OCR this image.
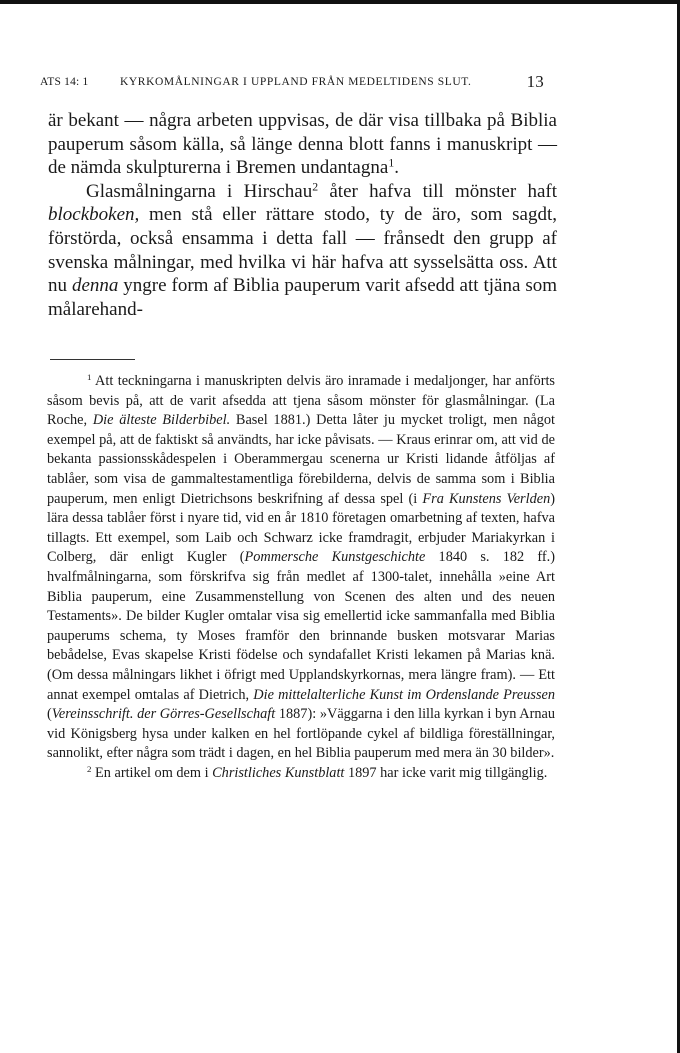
ATS 14: 1	KYRKOMÅLNINGAR I UPPLAND FRÅN MEDELTIDENS SLUT.	13

är bekant — några arbeten uppvisas, de där visa tillbaka på Biblia pauperum såsom källa, så länge denna blott fanns i manuskript — de nämda skulpturerna i Bremen undantagna$^1$.

Glasmålningarna i Hirschau$^2$ åter hafva till mönster haft blockboken, men stå eller rättare stodo, ty de äro, som sagdt, förstörda, också ensamma i detta fall — frånsedt den grupp af svenska målningar, med hvilka vi här hafva att sysselsätta oss. Att nu denna yngre form af Biblia pauperum varit afsedd att tjäna som målarehand-

$^1$ Att teckningarna i manuskripten delvis äro inramade i medaljonger, har anförts såsom bevis på, att de varit afsedda att tjena såsom mönster för glasmålningar. (La Roche, Die älteste Bilderbibel. Basel 1881.) Detta låter ju mycket troligt, men något exempel på, att de faktiskt så användts, har icke påvisats. — Kraus erinrar om, att vid de bekanta passionsskådespelen i Oberammergau scenerna ur Kristi lidande åtföljas af tablåer, som visa de gammaltestamentliga förebilderna, delvis de samma som i Biblia pauperum, men enligt Dietrichsons beskrifning af dessa spel (i Fra Kunstens Verlden) lära dessa tablåer först i nyare tid, vid en år 1810 företagen omarbetning af texten, hafva tillagts. Ett exempel, som Laib och Schwarz icke framdragit, erbjuder Mariakyrkan i Colberg, där enligt Kugler (Pommersche Kunstgeschichte 1840 s. 182 ff.) hvalfmålningarna, som förskrifva sig från medlet af 1300-talet, innehålla »eine Art Biblia pauperum, eine Zusammenstellung von Scenen des alten und des neuen Testaments». De bilder Kugler omtalar visa sig emellertid icke sammanfalla med Biblia pauperums schema, ty Moses framför den brinnande busken motsvarar Marias bebådelse, Evas skapelse Kristi födelse och syndafallet Kristi lekamen på Marias knä. (Om dessa målningars likhet i öfrigt med Upplandskyrkornas, mera längre fram). — Ett annat exempel omtalas af Dietrich, Die mittelalterliche Kunst im Ordenslande Preussen (Vereinsschrift. der Görres-Gesellschaft 1887): »Väggarna i den lilla kyrkan i byn Arnau vid Königsberg hysa under kalken en hel fortlöpande cykel af bildliga föreställningar, sannolikt, efter några som trädt i dagen, en hel Biblia pauperum med mera än 30 bilder».

$^2$ En artikel om dem i Christliches Kunstblatt 1897 har icke varit mig tillgänglig.
